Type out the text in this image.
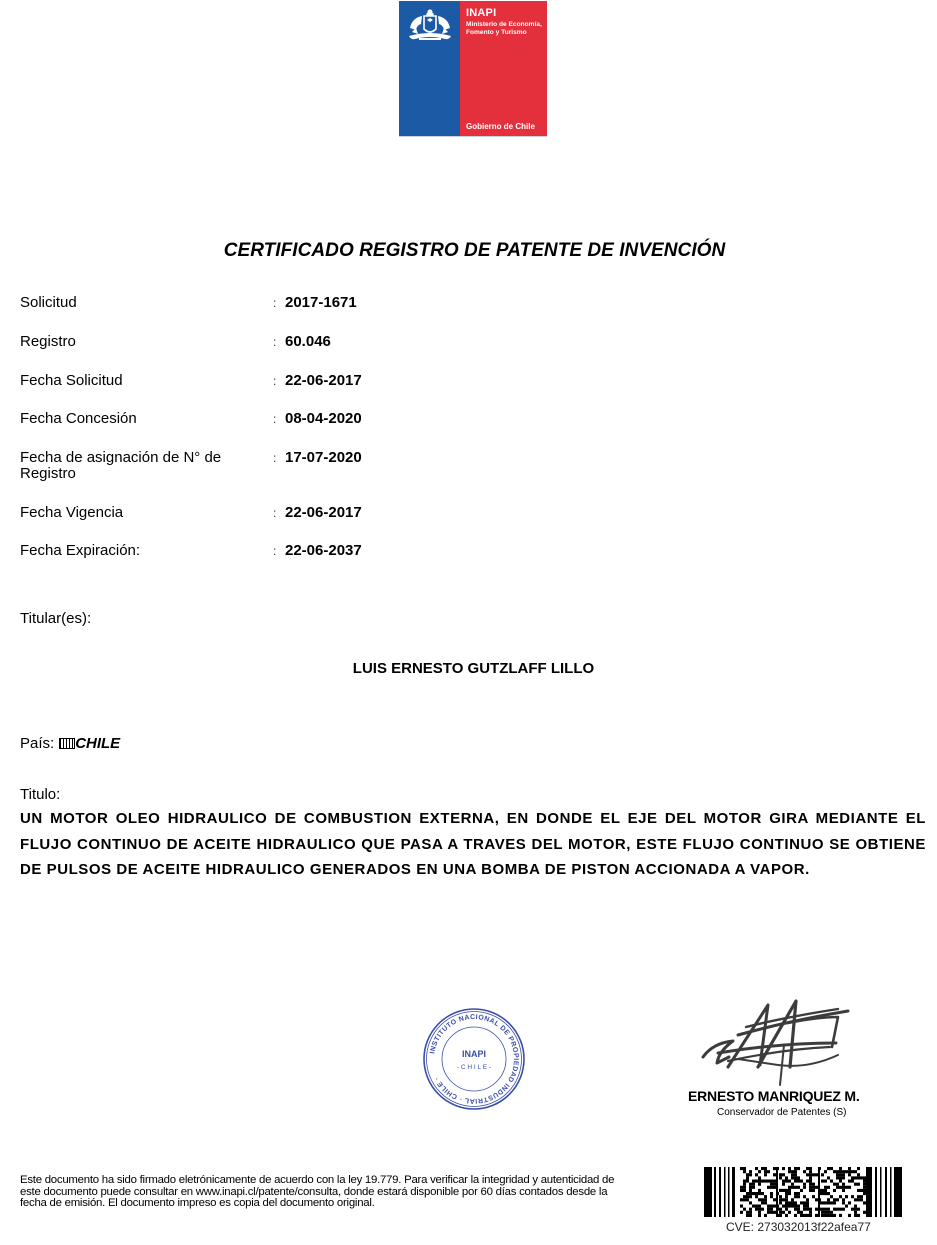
INAPI
Ministerio de Economía, Fomento y Turismo
Gobierno de Chile
CERTIFICADO REGISTRO DE PATENTE DE INVENCIÓN
Solicitud	: 2017-1671
Registro	: 60.046
Fecha Solicitud	: 22-06-2017
Fecha Concesión	: 08-04-2020
Fecha de asignación de N° de Registro
: 17-07-2020
Fecha Vigencia	: 22-06-2017
Fecha Expiración:	: 22-06-2037
Titular(es):
LUIS ERNESTO GUTZLAFF LILLO
País: CHILE
Titulo:
UN MOTOR OLEO HIDRAULICO DE COMBUSTION EXTERNA, EN DONDE EL EJE DEL MOTOR GIRA MEDIANTE EL FLUJO CONTINUO DE ACEITE HIDRAULICO QUE PASA A TRAVES DEL MOTOR, ESTE FLUJO CONTINUO SE OBTIENE DE PULSOS DE ACEITE HIDRAULICO GENERADOS EN UNA BOMBA DE PISTON ACCIONADA A VAPOR.
INSTITUTO NACIONAL DE PROPIEDAD INDUSTRIAL · CHILE ·
INAPI
- C H I L E -
ERNESTO MANRIQUEZ M.
Conservador de Patentes (S)
Este documento ha sido firmado eletrónicamente de acuerdo con la ley 19.779. Para verificar la integridad y autenticidad de este documento puede consultar en www.inapi.cl/patente/consulta, donde estará disponible por 60 días contados desde la fecha de emisión. El documento impreso es copia del documento original.
CVE: 273032013f22afea77
